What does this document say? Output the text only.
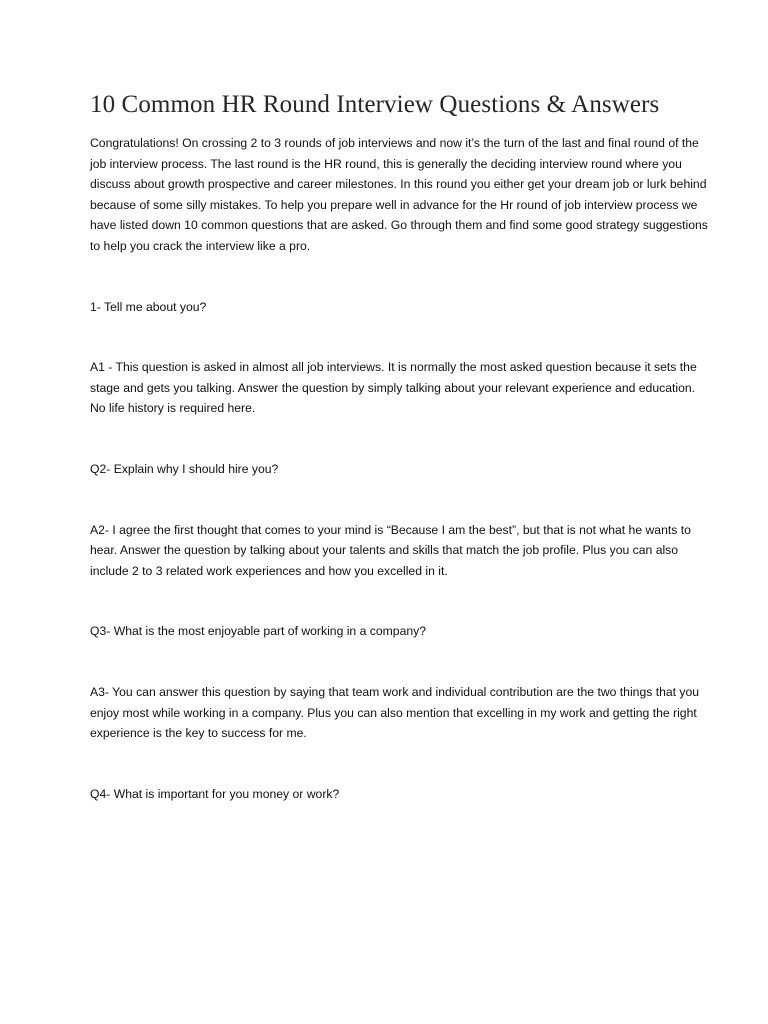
10 Common HR Round Interview Questions & Answers

Congratulations! On crossing 2 to 3 rounds of job interviews and now it’s the turn of the last and final round of the job interview process. The last round is the HR round, this is generally the deciding interview round where you discuss about growth prospective and career milestones. In this round you either get your dream job or lurk behind because of some silly mistakes. To help you prepare well in advance for the Hr round of job interview process we have listed down 10 common questions that are asked. Go through them and find some good strategy suggestions to help you crack the interview like a pro.

1- Tell me about you?

A1 - This question is asked in almost all job interviews. It is normally the most asked question because it sets the stage and gets you talking. Answer the question by simply talking about your relevant experience and education. No life history is required here.

Q2- Explain why I should hire you?

A2- I agree the first thought that comes to your mind is “Because I am the best”, but that is not what he wants to hear. Answer the question by talking about your talents and skills that match the job profile. Plus you can also include 2 to 3 related work experiences and how you excelled in it.

Q3- What is the most enjoyable part of working in a company?

A3- You can answer this question by saying that team work and individual contribution are the two things that you enjoy most while working in a company. Plus you can also mention that excelling in my work and getting the right experience is the key to success for me.

Q4- What is important for you money or work?
